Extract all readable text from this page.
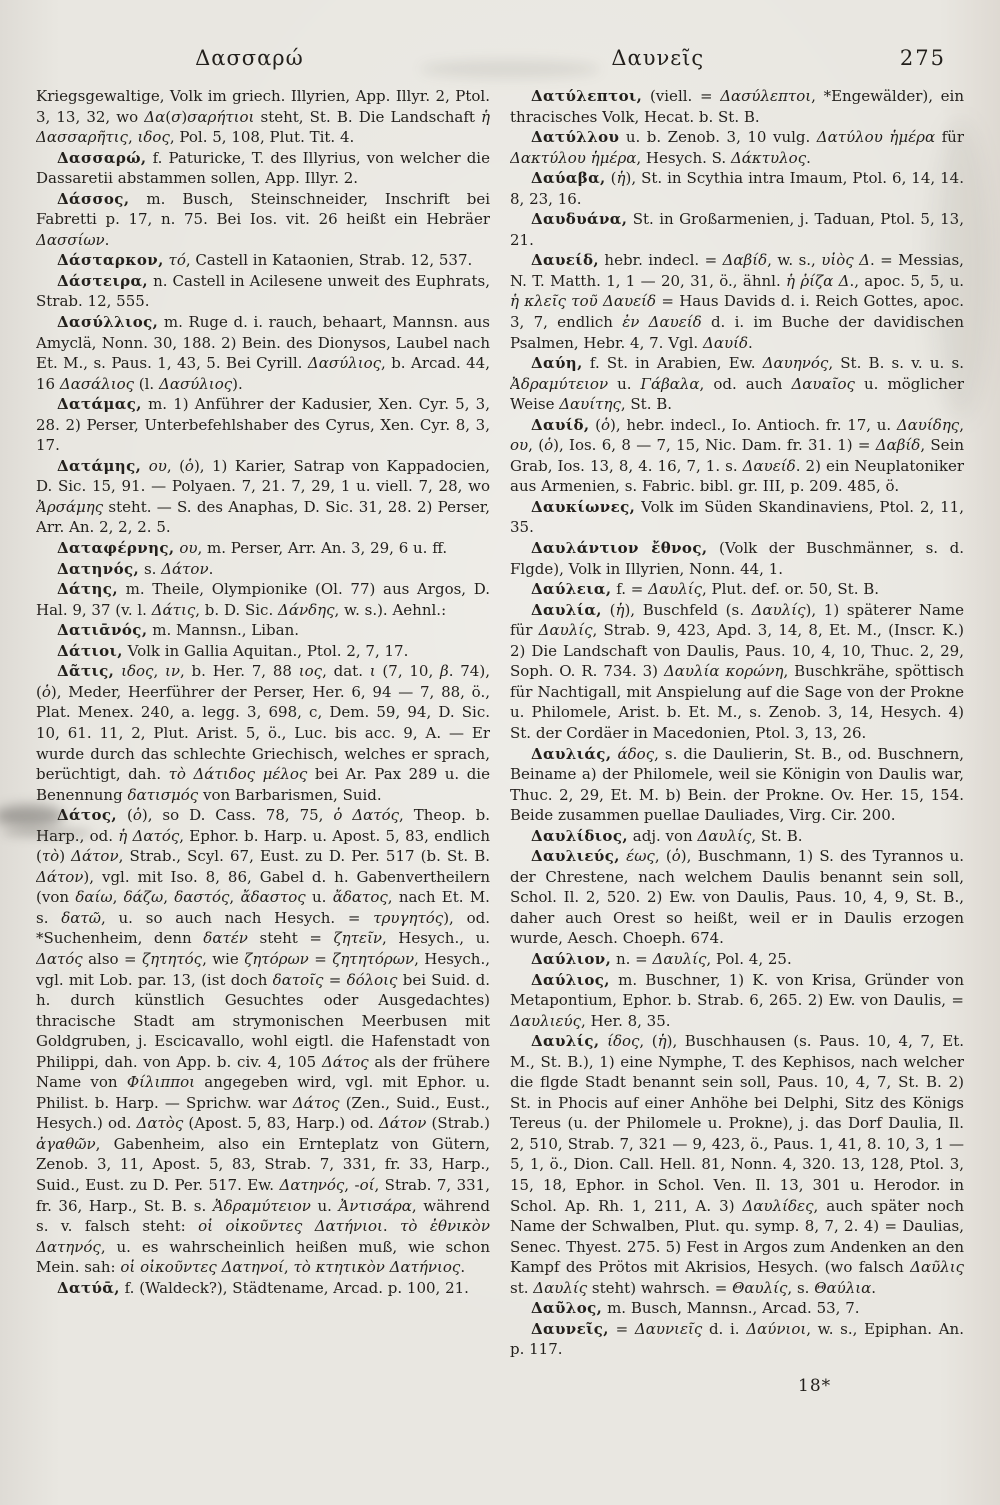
Δασσαρώ	Δαυνεῖς	275

Kriegsgewaltige, Volk im griech. Illyrien, App. Illyr. 2, Ptol. 3, 13, 32, wo Δα(σ)σαρήτιοι steht, St. B. Die Landschaft ἡ Δασσαρῆτις, ιδος, Pol. 5, 108, Plut. Tit. 4.

Δασσαρώ, f. Paturicke, T. des Illyrius, von welcher die Dassaretii abstammen sollen, App. Illyr. 2.

Δάσσος, m. Busch, Steinschneider, Inschrift bei Fabretti p. 17, n. 75. Bei Ios. vit. 26 heißt ein Hebräer Δασσίων.

Δάσταρκον, τό, Castell in Kataonien, Strab. 12, 537.

Δάστειρα, n. Castell in Acilesene unweit des Euphrats, Strab. 12, 555.

Δασύλλιος, m. Ruge d. i. rauch, behaart, Mannsn. aus Amyclä, Nonn. 30, 188. 2) Bein. des Dionysos, Laubel nach Et. M., s. Paus. 1, 43, 5. Bei Cyrill. Δασύλιος, b. Arcad. 44, 16 Δασάλιος (l. Δασύλιος).

Δατάμας, m. 1) Anführer der Kadusier, Xen. Cyr. 5, 3, 28. 2) Perser, Unterbefehlshaber des Cyrus, Xen. Cyr. 8, 3, 17.

Δατάμης, ου, (ὁ), 1) Karier, Satrap von Kappadocien, D. Sic. 15, 91. — Polyaen. 7, 21. 7, 29, 1 u. viell. 7, 28, wo Ἀρσάμης steht. — S. des Anaphas, D. Sic. 31, 28. 2) Perser, Arr. An. 2, 2, 2. 5.

Δαταφέρνης, ου, m. Perser, Arr. An. 3, 29, 6 u. ff.

Δατηνός, s. Δάτον.

Δάτης, m. Theile, Olympionike (Ol. 77) aus Argos, D. Hal. 9, 37 (v. l. Δάτις, b. D. Sic. Δάνδης, w. s.). Aehnl.:

Δατιᾱνός, m. Mannsn., Liban.

Δάτιοι, Volk in Gallia Aquitan., Ptol. 2, 7, 17.

Δᾶτις, ιδος, ιν, b. Her. 7, 88 ιος, dat. ι (7, 10, β. 74), (ὁ), Meder, Heerführer der Perser, Her. 6, 94 — 7, 88, ö., Plat. Menex. 240, a. legg. 3, 698, c, Dem. 59, 94, D. Sic. 10, 61. 11, 2, Plut. Arist. 5, ö., Luc. bis acc. 9, A. — Er wurde durch das schlechte Griechisch, welches er sprach, berüchtigt, dah. τὸ Δάτιδος μέλος bei Ar. Pax 289 u. die Benennung δατισμός von Barbarismen, Suid.

Δάτος, (ὁ), so D. Cass. 78, 75, ὁ Δατός, Theop. b. Harp., od. ἡ Δατός, Ephor. b. Harp. u. Apost. 5, 83, endlich (τὸ) Δάτον, Strab., Scyl. 67, Eust. zu D. Per. 517 (b. St. B. Δάτον), vgl. mit Iso. 8, 86, Gabel d. h. Gabenvertheilern (von δαίω, δάζω, δαστός, ἄδαστος u. ἄδατος, nach Et. M. s. δατῶ, u. so auch nach Hesych. = τρυγητός), od. *Suchenheim, denn δατέν steht = ζητεῖν, Hesych., u. Δατός also = ζητητός, wie ζητόρων = ζητητόρων, Hesych., vgl. mit Lob. par. 13, (ist doch δατοῖς = δόλοις bei Suid. d. h. durch künstlich Gesuchtes oder Ausgedachtes) thracische Stadt am strymonischen Meerbusen mit Goldgruben, j. Escicavallo, wohl eigtl. die Hafenstadt von Philippi, dah. von App. b. civ. 4, 105 Δάτος als der frühere Name von Φίλιπποι angegeben wird, vgl. mit Ephor. u. Philist. b. Harp. — Sprichw. war Δάτος (Zen., Suid., Eust., Hesych.) od. Δατὸς (Apost. 5, 83, Harp.) od. Δάτον (Strab.) ἀγαθῶν, Gabenheim, also ein Ernteplatz von Gütern, Zenob. 3, 11, Apost. 5, 83, Strab. 7, 331, fr. 33, Harp., Suid., Eust. zu D. Per. 517. Ew. Δατηνός, -οί, Strab. 7, 331, fr. 36, Harp., St. B. s. Ἀδραμύτειον u. Ἀντισάρα, während s. v. falsch steht: οἱ οἰκοῦντες Δατήνιοι. τὸ ἐθνικὸν Δατηνός, u. es wahrscheinlich heißen muß, wie schon Mein. sah: οἱ οἰκοῦντες Δατηνοί, τὸ κτητικὸν Δατήνιος.

Δατύᾱ, f. (Waldeck?), Städtename, Arcad. p. 100, 21.

Δατύλεπτοι, (viell. = Δασύλεπτοι, *Engewälder), ein thracisches Volk, Hecat. b. St. B.

Δατύλλου u. b. Zenob. 3, 10 vulg. Δατύλου ἡμέρα für Δακτύλου ἡμέρα, Hesych. S. Δάκτυλος.

Δαύαβα, (ἡ), St. in Scythia intra Imaum, Ptol. 6, 14, 14. 8, 23, 16.

Δαυδυάνα, St. in Großarmenien, j. Taduan, Ptol. 5, 13, 21.

Δαυείδ, hebr. indecl. = Δαβίδ, w. s., υἱὸς Δ. = Messias, N. T. Matth. 1, 1 — 20, 31, ö., ähnl. ἡ ῥίζα Δ., apoc. 5, 5, u. ἡ κλεῖς τοῦ Δαυείδ = Haus Davids d. i. Reich Gottes, apoc. 3, 7, endlich ἐν Δαυείδ d. i. im Buche der davidischen Psalmen, Hebr. 4, 7. Vgl. Δαυίδ.

Δαύη, f. St. in Arabien, Ew. Δαυηνός, St. B. s. v. u. s. Ἀδραμύτειον u. Γάβαλα, od. auch Δαυαῖος u. möglicher Weise Δαυίτης, St. B.

Δαυίδ, (ὁ), hebr. indecl., Io. Antioch. fr. 17, u. Δαυίδης, ου, (ὁ), Ios. 6, 8 — 7, 15, Nic. Dam. fr. 31. 1) = Δαβίδ, Sein Grab, Ios. 13, 8, 4. 16, 7, 1. s. Δαυείδ. 2) ein Neuplatoniker aus Armenien, s. Fabric. bibl. gr. III, p. 209. 485, ö.

Δαυκίωνες, Volk im Süden Skandinaviens, Ptol. 2, 11, 35.

Δαυλάντιον ἔθνος, (Volk der Buschmänner, s. d. Flgde), Volk in Illyrien, Nonn. 44, 1.

Δαύλεια, f. = Δαυλίς, Plut. def. or. 50, St. B.

Δαυλία, (ἡ), Buschfeld (s. Δαυλίς), 1) späterer Name für Δαυλίς, Strab. 9, 423, Apd. 3, 14, 8, Et. M., (Inscr. K.) 2) Die Landschaft von Daulis, Paus. 10, 4, 10, Thuc. 2, 29, Soph. O. R. 734. 3) Δαυλία κορώνη, Buschkrähe, spöttisch für Nachtigall, mit Anspielung auf die Sage von der Prokne u. Philomele, Arist. b. Et. M., s. Zenob. 3, 14, Hesych. 4) St. der Cordäer in Macedonien, Ptol. 3, 13, 26.

Δαυλιάς, άδος, s. die Daulierin, St. B., od. Buschnern, Beiname a) der Philomele, weil sie Königin von Daulis war, Thuc. 2, 29, Et. M. b) Bein. der Prokne. Ov. Her. 15, 154. Beide zusammen puellae Dauliades, Virg. Cir. 200.

Δαυλίδιος, adj. von Δαυλίς, St. B.

Δαυλιεύς, έως, (ὁ), Buschmann, 1) S. des Tyrannos u. der Chrestene, nach welchem Daulis benannt sein soll, Schol. Il. 2, 520. 2) Ew. von Daulis, Paus. 10, 4, 9, St. B., daher auch Orest so heißt, weil er in Daulis erzogen wurde, Aesch. Choeph. 674.

Δαύλιον, n. = Δαυλίς, Pol. 4, 25.

Δαύλιος, m. Buschner, 1) K. von Krisa, Gründer von Metapontium, Ephor. b. Strab. 6, 265. 2) Ew. von Daulis, = Δαυλιεύς, Her. 8, 35.

Δαυλίς, ίδος, (ἡ), Buschhausen (s. Paus. 10, 4, 7, Et. M., St. B.), 1) eine Nymphe, T. des Kephisos, nach welcher die flgde Stadt benannt sein soll, Paus. 10, 4, 7, St. B. 2) St. in Phocis auf einer Anhöhe bei Delphi, Sitz des Königs Tereus (u. der Philomele u. Prokne), j. das Dorf Daulia, Il. 2, 510, Strab. 7, 321 — 9, 423, ö., Paus. 1, 41, 8. 10, 3, 1 — 5, 1, ö., Dion. Call. Hell. 81, Nonn. 4, 320. 13, 128, Ptol. 3, 15, 18, Ephor. in Schol. Ven. Il. 13, 301 u. Herodor. in Schol. Ap. Rh. 1, 211, A. 3) Δαυλίδες, auch später noch Name der Schwalben, Plut. qu. symp. 8, 7, 2. 4) = Daulias, Senec. Thyest. 275. 5) Fest in Argos zum Andenken an den Kampf des Prötos mit Akrisios, Hesych. (wo falsch Δαῦλις st. Δαυλίς steht) wahrsch. = Θαυλίς, s. Θαύλια.

Δαῦλος, m. Busch, Mannsn., Arcad. 53, 7.

Δαυνεῖς, = Δαυνιεῖς d. i. Δαύνιοι, w. s., Epiphan. An. p. 117.

18*
